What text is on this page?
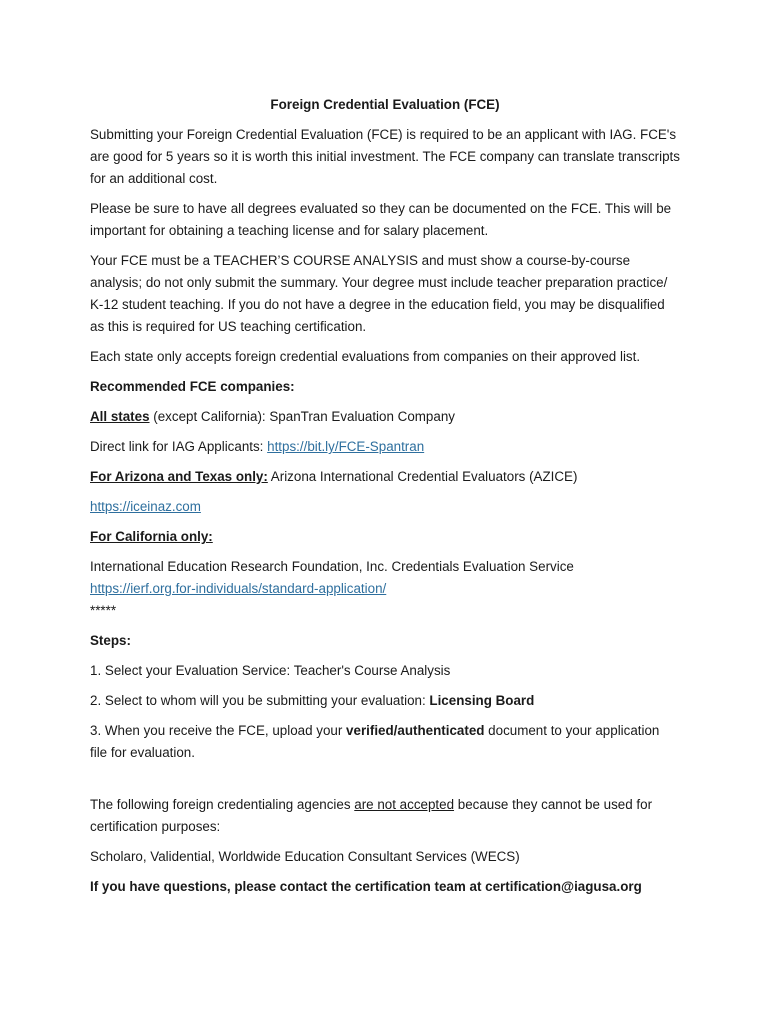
Foreign Credential Evaluation (FCE)

Submitting your Foreign Credential Evaluation (FCE) is required to be an applicant with IAG. FCE's are good for 5 years so it is worth this initial investment. The FCE company can translate transcripts for an additional cost.

Please be sure to have all degrees evaluated so they can be documented on the FCE. This will be important for obtaining a teaching license and for salary placement.

Your FCE must be a TEACHER’S COURSE ANALYSIS and must show a course-by-course analysis; do not only submit the summary. Your degree must include teacher preparation practice/ K-12 student teaching. If you do not have a degree in the education field, you may be disqualified as this is required for US teaching certification.

Each state only accepts foreign credential evaluations from companies on their approved list.

Recommended FCE companies:

All states (except California): SpanTran Evaluation Company

Direct link for IAG Applicants: https://bit.ly/FCE-Spantran

For Arizona and Texas only: Arizona International Credential Evaluators (AZICE)

https://iceinaz.com

For California only:

International Education Research Foundation, Inc. Credentials Evaluation Service
https://ierf.org.for-individuals/standard-application/
*****

Steps:

1. Select your Evaluation Service: Teacher's Course Analysis

2. Select to whom will you be submitting your evaluation: Licensing Board

3. When you receive the FCE, upload your verified/authenticated document to your application file for evaluation.

The following foreign credentialing agencies are not accepted because they cannot be used for certification purposes:

Scholaro, Validential, Worldwide Education Consultant Services (WECS)

If you have questions, please contact the certification team at certification@iagusa.org
